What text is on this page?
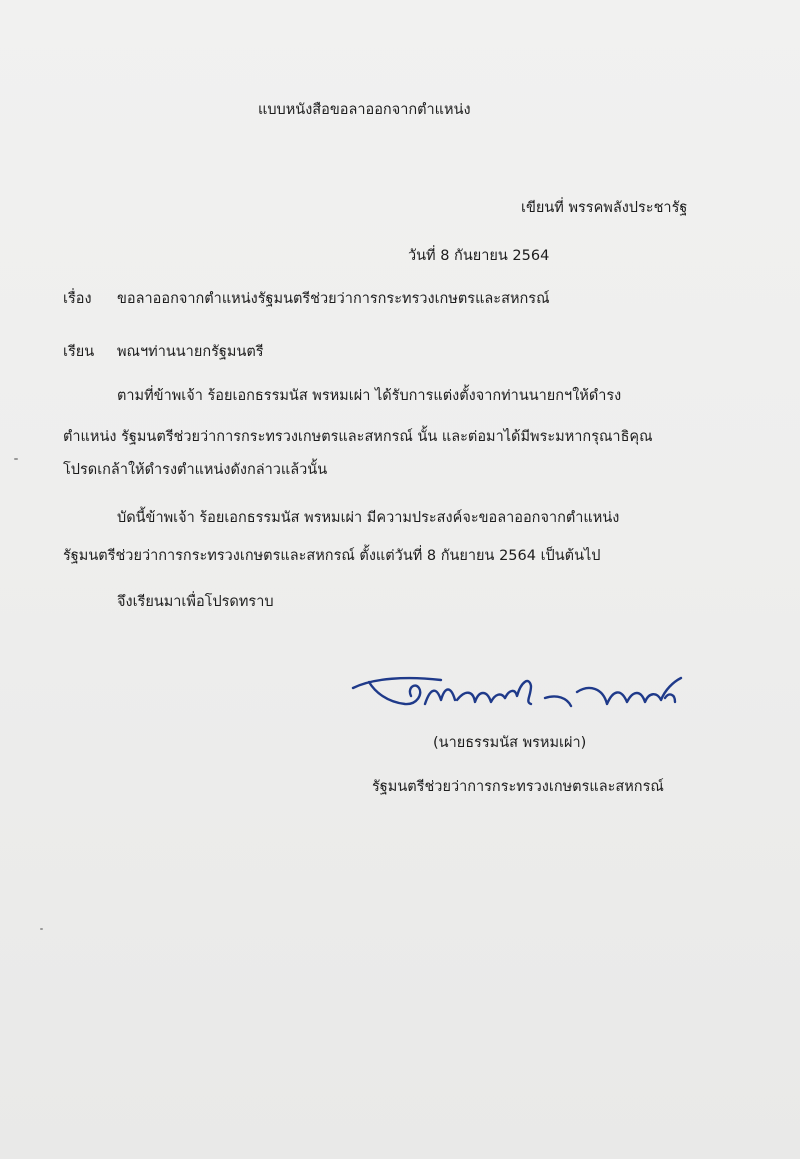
แบบหนังสือขอลาออกจากตำแหน่ง
เขียนที่ พรรคพลังประชารัฐ
วันที่ 8 กันยายน 2564
เรื่อง ขอลาออกจากตำแหน่งรัฐมนตรีช่วยว่าการกระทรวงเกษตรและสหกรณ์
เรียน พณฯท่านนายกรัฐมนตรี
ตามที่ข้าพเจ้า ร้อยเอกธรรมนัส พรหมเผ่า ได้รับการแต่งตั้งจากท่านนายกฯให้ดำรง
ตำแหน่ง รัฐมนตรีช่วยว่าการกระทรวงเกษตรและสหกรณ์ นั้น และต่อมาได้มีพระมหากรุณาธิคุณ
โปรดเกล้าให้ดำรงตำแหน่งดังกล่าวแล้วนั้น
บัดนี้ข้าพเจ้า ร้อยเอกธรรมนัส พรหมเผ่า มีความประสงค์จะขอลาออกจากตำแหน่ง
รัฐมนตรีช่วยว่าการกระทรวงเกษตรและสหกรณ์ ตั้งแต่วันที่ 8 กันยายน 2564 เป็นต้นไป
จึงเรียนมาเพื่อโปรดทราบ
(นายธรรมนัส พรหมเผ่า)
รัฐมนตรีช่วยว่าการกระทรวงเกษตรและสหกรณ์
